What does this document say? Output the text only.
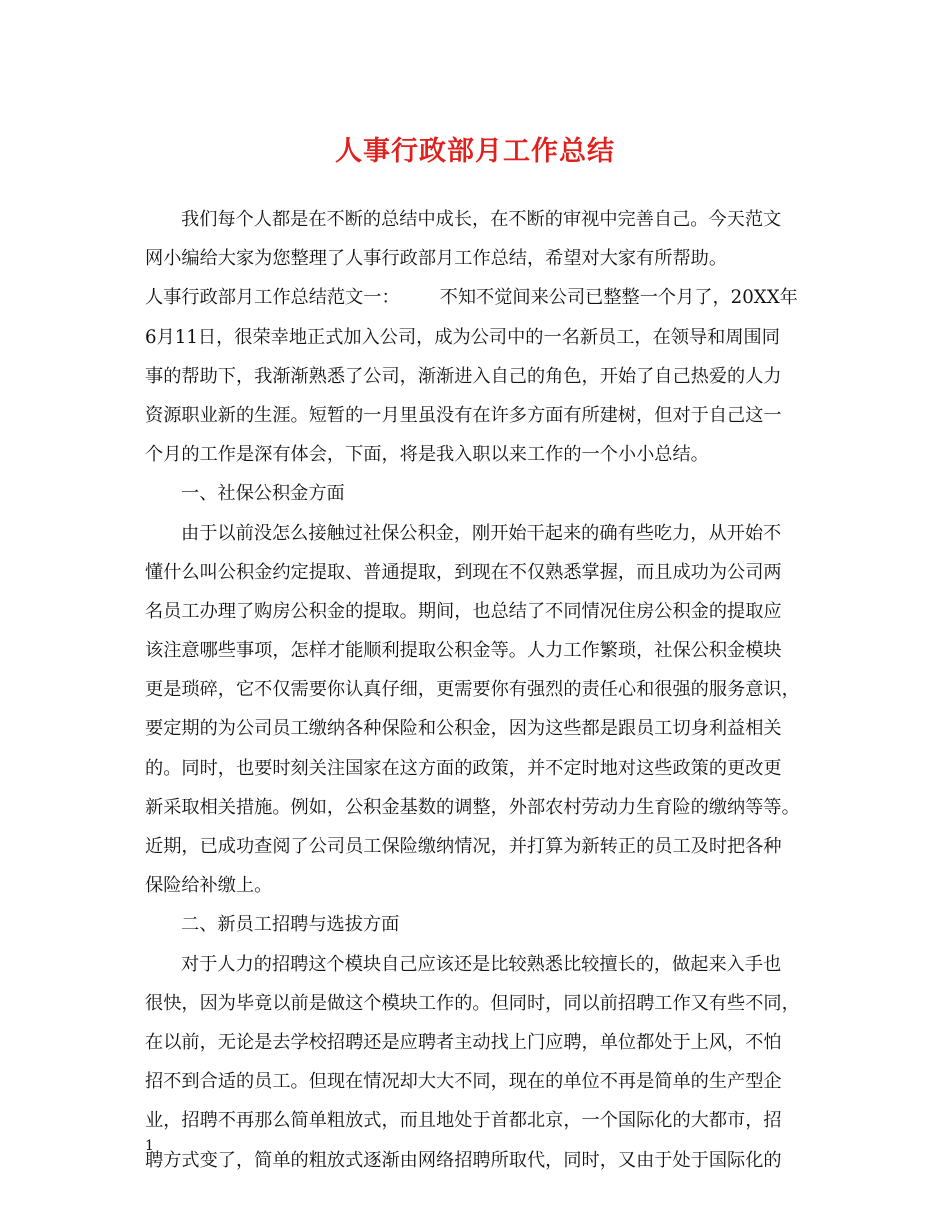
人事行政部月工作总结
我们每个人都是在不断的总结中成长，在不断的审视中完善自己。今天范文
网小编给大家为您整理了人事行政部月工作总结，希望对大家有所帮助。
人事行政部月工作总结范文一： 不知不觉间来公司已整整一个月了，20XX年
6月11日，很荣幸地正式加入公司，成为公司中的一名新员工，在领导和周围同
事的帮助下，我渐渐熟悉了公司，渐渐进入自己的角色，开始了自己热爱的人力
资源职业新的生涯。短暂的一月里虽没有在许多方面有所建树，但对于自己这一
个月的工作是深有体会，下面，将是我入职以来工作的一个小小总结。
一、社保公积金方面
由于以前没怎么接触过社保公积金，刚开始干起来的确有些吃力，从开始不
懂什么叫公积金约定提取、普通提取，到现在不仅熟悉掌握，而且成功为公司两
名员工办理了购房公积金的提取。期间，也总结了不同情况住房公积金的提取应
该注意哪些事项，怎样才能顺利提取公积金等。人力工作繁琐，社保公积金模块
更是琐碎，它不仅需要你认真仔细，更需要你有强烈的责任心和很强的服务意识，
要定期的为公司员工缴纳各种保险和公积金，因为这些都是跟员工切身利益相关
的。同时，也要时刻关注国家在这方面的政策，并不定时地对这些政策的更改更
新采取相关措施。例如，公积金基数的调整，外部农村劳动力生育险的缴纳等等。
近期，已成功查阅了公司员工保险缴纳情况，并打算为新转正的员工及时把各种
保险给补缴上。
二、新员工招聘与选拔方面
对于人力的招聘这个模块自己应该还是比较熟悉比较擅长的，做起来入手也
很快，因为毕竟以前是做这个模块工作的。但同时，同以前招聘工作又有些不同，
在以前，无论是去学校招聘还是应聘者主动找上门应聘，单位都处于上风，不怕
招不到合适的员工。但现在情况却大大不同，现在的单位不再是简单的生产型企
业，招聘不再那么简单粗放式，而且地处于首都北京，一个国际化的大都市，招
聘方式变了，简单的粗放式逐渐由网络招聘所取代，同时，又由于处于国际化的
1
